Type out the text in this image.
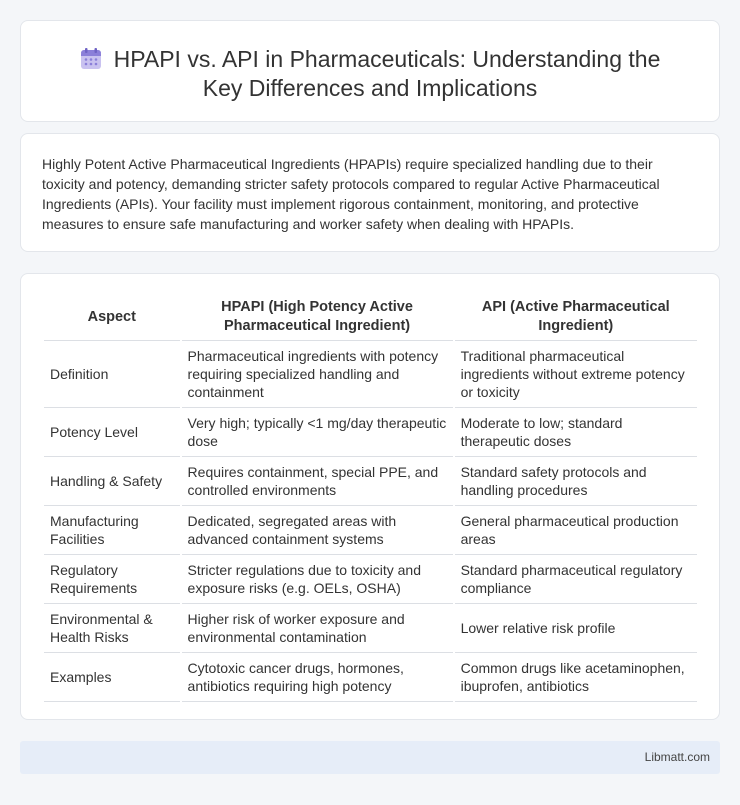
HPAPI vs. API in Pharmaceuticals: Understanding the
Key Differences and Implications

Highly Potent Active Pharmaceutical Ingredients (HPAPIs) require specialized handling due to their toxicity and potency, demanding stricter safety protocols compared to regular Active Pharmaceutical Ingredients (APIs). Your facility must implement rigorous containment, monitoring, and protective measures to ensure safe manufacturing and worker safety when dealing with HPAPIs.

Aspect	HPAPI (High Potency Active Pharmaceutical Ingredient)	API (Active Pharmaceutical Ingredient)
Definition	Pharmaceutical ingredients with potency requiring specialized handling and containment	Traditional pharmaceutical ingredients without extreme potency or toxicity
Potency Level	Very high; typically <1 mg/day therapeutic dose	Moderate to low; standard therapeutic doses
Handling & Safety	Requires containment, special PPE, and controlled environments	Standard safety protocols and handling procedures
Manufacturing Facilities	Dedicated, segregated areas with advanced containment systems	General pharmaceutical production areas
Regulatory Requirements	Stricter regulations due to toxicity and exposure risks (e.g. OELs, OSHA)	Standard pharmaceutical regulatory compliance
Environmental & Health Risks	Higher risk of worker exposure and environmental contamination	Lower relative risk profile
Examples	Cytotoxic cancer drugs, hormones, antibiotics requiring high potency	Common drugs like acetaminophen, ibuprofen, antibiotics
Libmatt.com
